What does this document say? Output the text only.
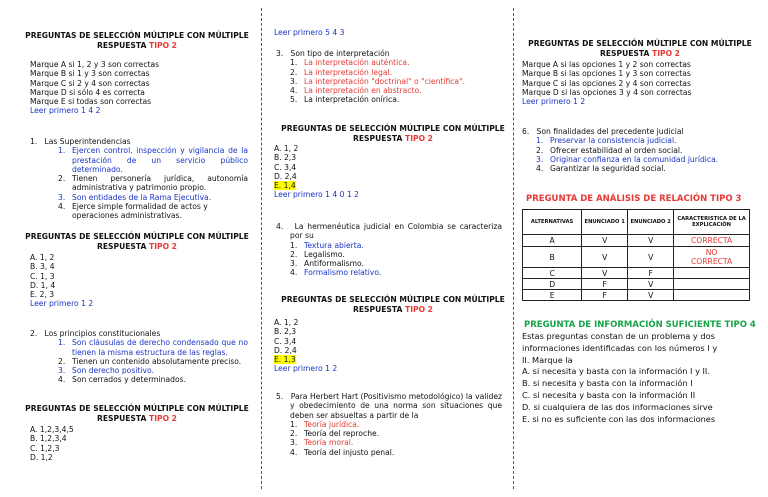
PREGUNTAS DE SELECCIÓN MÚLTIPLE CON MÚLTIPLE RESPUESTA TIPO 2
Marque A si 1, 2 y 3 son correctas
Marque B si 1 y 3 son correctas
Marque C si 2 y 4 son correctas
Marque D si sólo 4 es correcta
Marque E si todas son correctas
Leer primero 1 4 2
1. Las Superintendencias
1. Ejercen control, inspección y vigilancia de la prestación de un servicio público determinado.
2. Tienen personería jurídica, autonomía administrativa y patrimonio propio.
3. Son entidades de la Rama Ejecutiva.
4. Ejerce simple formalidad de actos y operaciones administrativas.
PREGUNTAS DE SELECCIÓN MÚLTIPLE CON MÚLTIPLE RESPUESTA TIPO 2
A. 1, 2
B. 3, 4
C. 1, 3
D. 1, 4
E. 2, 3
Leer primero 1 2
2. Los principios constitucionales
1. Son cláusulas de derecho condensado que no tienen la misma estructura de las reglas.
2. Tienen un contenido absolutamente preciso.
3. Son derecho positivo.
4. Son cerrados y determinados.
PREGUNTAS DE SELECCIÓN MÚLTIPLE CON MÚLTIPLE RESPUESTA TIPO 2
A. 1,2,3,4,5
B. 1,2,3,4
C. 1,2,3
D. 1,2
Leer primero 5 4 3
3. Son tipo de interpretación
1. La interpretación auténtica.
2. La interpretación legal.
3. La interpretación "doctrinal" o "científica".
4. La interpretación en abstracto.
5. La interpretación onírica.
PREGUNTAS DE SELECCIÓN MÚLTIPLE CON MÚLTIPLE RESPUESTA TIPO 2
A. 1, 2
B. 2,3
C. 3,4
D. 2,4
E. 1,4
Leer primero 1 4 0 1 2
4. La hermenéutica judicial en Colombia se caracteriza por su
1. Textura abierta.
2. Legalismo.
3. Antiformalismo.
4. Formalismo relativo.
PREGUNTAS DE SELECCIÓN MÚLTIPLE CON MÚLTIPLE RESPUESTA TIPO 2
A. 1, 2
B. 2,3
C. 3,4
D. 2,4
E. 1,3
Leer primero 1 2
5. Para Herbert Hart (Positivismo metodológico) la validez y obedecimiento de una norma son situaciones que deben ser absueltas a partir de la
1. Teoría jurídica.
2. Teoría del reproche.
3. Teoría moral.
4. Teoría del injusto penal.
PREGUNTAS DE SELECCIÓN MÚLTIPLE CON MÚLTIPLE RESPUESTA TIPO 2
Marque A si las opciones 1 y 2 son correctas
Marque B si las opciones 1 y 3 son correctas
Marque C si las opciones 2 y 4 son correctas
Marque D si las opciones 3 y 4 son correctas
Leer primero 1 2
6. Son finalidades del precedente judicial
1. Preservar la consistencia judicial.
2. Ofrecer estabilidad al orden social.
3. Originar confianza en la comunidad jurídica.
4. Garantizar la seguridad social.
PREGUNTA DE ANÁLISIS DE RELACIÓN TIPO 3
ALTERNATIVAS	ENUNCIADO 1	ENUNCIADO 2	CARACTERISTICA DE LA EXPLICACIÓN
A	V	V	CORRECTA
B	V	V	NO CORRECTA
C	V	F	
D	F	V	
E	F	V	
PREGUNTA DE INFORMACIÓN SUFICIENTE TIPO 4
Estas preguntas constan de un problema y dos
informaciones identificadas con los números I y
II. Marque la
A. si necesita y basta con la información I y II.
B. si necesita y basta con la información I
C. si necesita y basta con la información II
D. si cualquiera de las dos informaciones sirve
E. si no es suficiente con las dos informaciones
